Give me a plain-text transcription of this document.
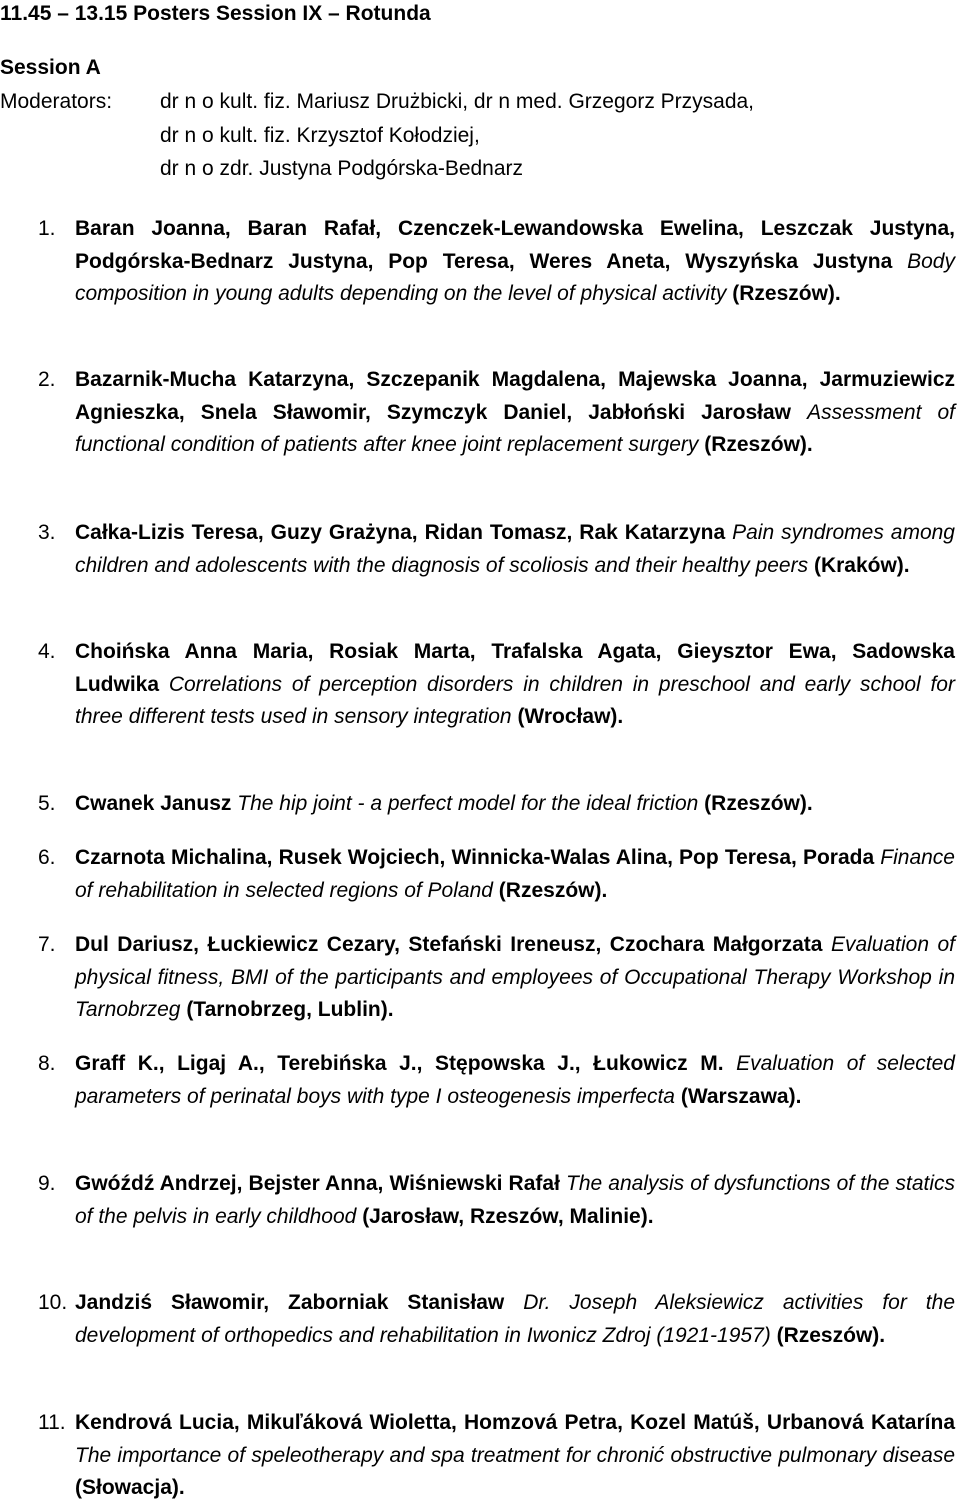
11.45 – 13.15 Posters Session IX – Rotunda
Session A
Moderators: dr n o kult. fiz. Mariusz Drużbicki, dr n med. Grzegorz Przysada,
dr n o kult. fiz. Krzysztof Kołodziej,
dr n o zdr. Justyna Podgórska-Bednarz
1. Baran Joanna, Baran Rafał, Czenczek-Lewandowska Ewelina, Leszczak Justyna, Podgórska-Bednarz Justyna, Pop Teresa, Weres Aneta, Wyszyńska Justyna Body composition in young adults depending on the level of physical activity (Rzeszów).
2. Bazarnik-Mucha Katarzyna, Szczepanik Magdalena, Majewska Joanna, Jarmuziewicz Agnieszka, Snela Sławomir, Szymczyk Daniel, Jabłoński Jarosław Assessment of functional condition of patients after knee joint replacement surgery (Rzeszów).
3. Całka-Lizis Teresa, Guzy Grażyna, Ridan Tomasz, Rak Katarzyna Pain syndromes among children and adolescents with the diagnosis of scoliosis and their healthy peers (Kraków).
4. Choińska Anna Maria, Rosiak Marta, Trafalska Agata, Gieysztor Ewa, Sadowska Ludwika Correlations of perception disorders in children in preschool and early school for three different tests used in sensory integration (Wrocław).
5. Cwanek Janusz The hip joint - a perfect model for the ideal friction (Rzeszów).
6. Czarnota Michalina, Rusek Wojciech, Winnicka-Walas Alina, Pop Teresa, Porada Finance of rehabilitation in selected regions of Poland (Rzeszów).
7. Dul Dariusz, Łuckiewicz Cezary, Stefański Ireneusz, Czochara Małgorzata Evaluation of physical fitness, BMI of the participants and employees of Occupational Therapy Workshop in Tarnobrzeg (Tarnobrzeg, Lublin).
8. Graff K., Ligaj A., Terebińska J., Stępowska J., Łukowicz M. Evaluation of selected parameters of perinatal boys with type I osteogenesis imperfecta (Warszawa).
9. Gwóźdź Andrzej, Bejster Anna, Wiśniewski Rafał The analysis of dysfunctions of the statics of the pelvis in early childhood (Jarosław, Rzeszów, Malinie).
10. Jandziś Sławomir, Zaborniak Stanisław Dr. Joseph Aleksiewicz activities for the development of orthopedics and rehabilitation in Iwonicz Zdroj (1921-1957) (Rzeszów).
11. Kendrová Lucia, Mikuľáková Wioletta, Homzová Petra, Kozel Matúš, Urbanová Katarína The importance of speleotherapy and spa treatment for chronić obstructive pulmonary disease (Słowacja).
